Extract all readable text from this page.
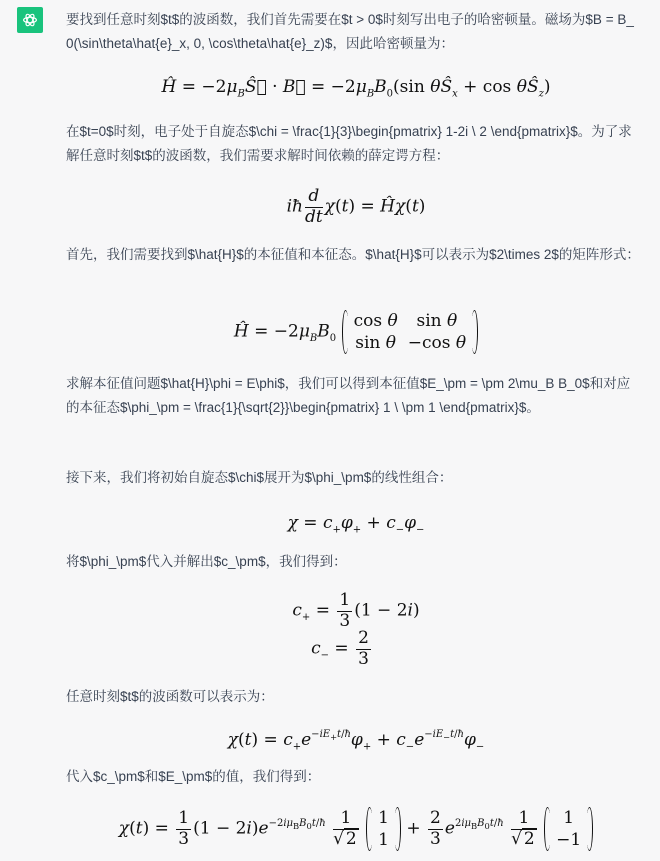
要找到任意时刻$t$的波函数，我们首先需要在$t > 0$时刻写出电子的哈密顿量。磁场为$B = B_0(\sin\theta\hat{e}_x, 0, \cos\theta\hat{e}_z)$，因此哈密顿量为：
Ĥ = $-2\mu_BŜ⃗$ · B⃗ = $-2\mu_BB_0(\sin$ $\theta Ŝ_x + \cos$ $\theta Ŝ_z$)
在$t=0$时刻，电子处于自旋态$\chi = \frac{1}{3}\begin{pmatrix} 1-2i \ 2 \end{pmatrix}$。为了求解任意时刻$t$的波函数，我们需要求解时间依赖的薛定谔方程：
iħ $\frac{d}{dt} \chi(t)$ = Ĥχ(t)
首先，我们需要找到$\hat{H}$的本征值和本征态。$\hat{H}$可以表示为$2\times 2$的矩阵形式：
Ĥ = $-2\mu_BB_0$
cos θ	sin θ
sin θ	−cos θ
求解本征值问题$\hat{H}\phi = E\phi$，我们可以得到本征值$E_\pm = \pm 2\mu_B B_0$和对应的本征态$\phi_\pm = \frac{1}{\sqrt{2}}\begin{pmatrix} 1 \ \pm 1 \end{pmatrix}$。
接下来，我们将初始自旋态$\chi$展开为$\phi_\pm$的线性组合：
$\chi = c_+\varphi_+ + c_-\varphi_-$
将$\phi_\pm$代入并解出$c_\pm$，我们得到：
$c_+ = \frac{1}{3} (1 - 2i)$
$c_- = \frac{2}{3}$
任意时刻$t$的波函数可以表示为：
$\chi(t) = c_+e^{-iE_+t/ħ}\varphi_+ + c_-e^{-iE_-t/ħ}\varphi_-$
代入$c_\pm$和$E_\pm$的值，我们得到：
$\chi(t) = \frac{1}{3} (1 - 2i)e^{-2i\mu_BB_0t/ħ} \frac{1}{√ 2}$
1
1
+ $\frac{2}{3} e^{2i\mu_BB_0t/ħ} \frac{1}{√ 2}$
1
−1
